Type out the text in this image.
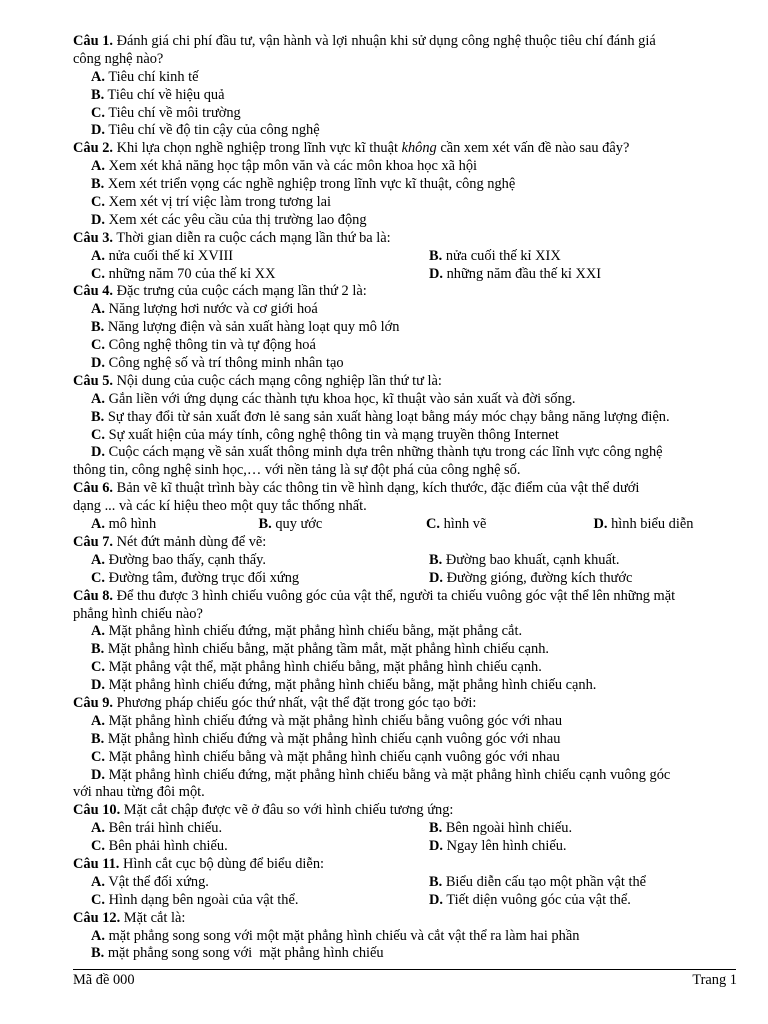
Câu 1. Đánh giá chi phí đầu tư, vận hành và lợi nhuận khi sử dụng công nghệ thuộc tiêu chí đánh giá
công nghệ nào?
A. Tiêu chí kinh tế
B. Tiêu chí về hiệu quả
C. Tiêu chí về môi trường
D. Tiêu chí về độ tin cậy của công nghệ
Câu 2. Khi lựa chọn nghề nghiệp trong lĩnh vực kĩ thuật không cần xem xét vấn đề nào sau đây?
A. Xem xét khả năng học tập môn văn và các môn khoa học xã hội
B. Xem xét triển vọng các nghề nghiệp trong lĩnh vực kĩ thuật, công nghệ
C. Xem xét vị trí việc làm trong tương lai
D. Xem xét các yêu cầu của thị trường lao động
Câu 3. Thời gian diễn ra cuộc cách mạng lần thứ ba là:
A. nửa cuối thế kỉ XVIII	B. nửa cuối thế kỉ XIX
C. những năm 70 của thế kỉ XX	D. những năm đầu thế kỉ XXI
Câu 4. Đặc trưng của cuộc cách mạng lần thứ 2 là:
A. Năng lượng hơi nước và cơ giới hoá
B. Năng lượng điện và sản xuất hàng loạt quy mô lớn
C. Công nghệ thông tin và tự động hoá
D. Công nghệ số và trí thông minh nhân tạo
Câu 5. Nội dung của cuộc cách mạng công nghiệp lần thứ tư là:
A. Gắn liền với ứng dụng các thành tựu khoa học, kĩ thuật vào sản xuất và đời sống.
B. Sự thay đổi từ sản xuất đơn lẻ sang sản xuất hàng loạt bằng máy móc chạy bằng năng lượng điện.
C. Sự xuất hiện của máy tính, công nghệ thông tin và mạng truyền thông Internet
D. Cuộc cách mạng về sản xuất thông minh dựa trên những thành tựu trong các lĩnh vực công nghệ
thông tin, công nghệ sinh học,… với nền tảng là sự đột phá của công nghệ số.
Câu 6. Bản vẽ kĩ thuật trình bày các thông tin về hình dạng, kích thước, đặc điểm của vật thể dưới
dạng ... và các kí hiệu theo một quy tắc thống nhất.
A. mô hình	B. quy ước	C. hình vẽ	D. hình biểu diễn
Câu 7. Nét đứt mảnh dùng để vẽ:
A. Đường bao thấy, cạnh thấy.	B. Đường bao khuất, cạnh khuất.
C. Đường tâm, đường trục đối xứng	D. Đường gióng, đường kích thước
Câu 8. Để thu được 3 hình chiếu vuông góc của vật thể, người ta chiếu vuông góc vật thể lên những mặt
phẳng hình chiếu nào?
A. Mặt phẳng hình chiếu đứng, mặt phẳng hình chiếu bằng, mặt phẳng cắt.
B. Mặt phẳng hình chiếu bằng, mặt phẳng tầm mắt, mặt phẳng hình chiếu cạnh.
C. Mặt phẳng vật thể, mặt phẳng hình chiếu bằng, mặt phẳng hình chiếu cạnh.
D. Mặt phẳng hình chiếu đứng, mặt phẳng hình chiếu bằng, mặt phẳng hình chiếu cạnh.
Câu 9. Phương pháp chiếu góc thứ nhất, vật thể đặt trong góc tạo bởi:
A. Mặt phẳng hình chiếu đứng và mặt phẳng hình chiếu bằng vuông góc với nhau
B. Mặt phẳng hình chiếu đứng và mặt phẳng hình chiếu cạnh vuông góc với nhau
C. Mặt phẳng hình chiếu bằng và mặt phẳng hình chiếu cạnh vuông góc với nhau
D. Mặt phẳng hình chiếu đứng, mặt phẳng hình chiếu bằng và mặt phẳng hình chiếu cạnh vuông góc
với nhau từng đôi một.
Câu 10. Mặt cắt chập được vẽ ở đâu so với hình chiếu tương ứng:
A. Bên trái hình chiếu.	B. Bên ngoài hình chiếu.
C. Bên phải hình chiếu.	D. Ngay lên hình chiếu.
Câu 11. Hình cắt cục bộ dùng để biểu diễn:
A. Vật thể đối xứng.	B. Biểu diễn cấu tạo một phần vật thể
C. Hình dạng bên ngoài của vật thể.	D. Tiết diện vuông góc của vật thể.
Câu 12. Mặt cắt là:
A. mặt phẳng song song với một mặt phẳng hình chiếu và cắt vật thể ra làm hai phần
B. mặt phẳng song song với  mặt phẳng hình chiếu
Mã đề 000	Trang 1
